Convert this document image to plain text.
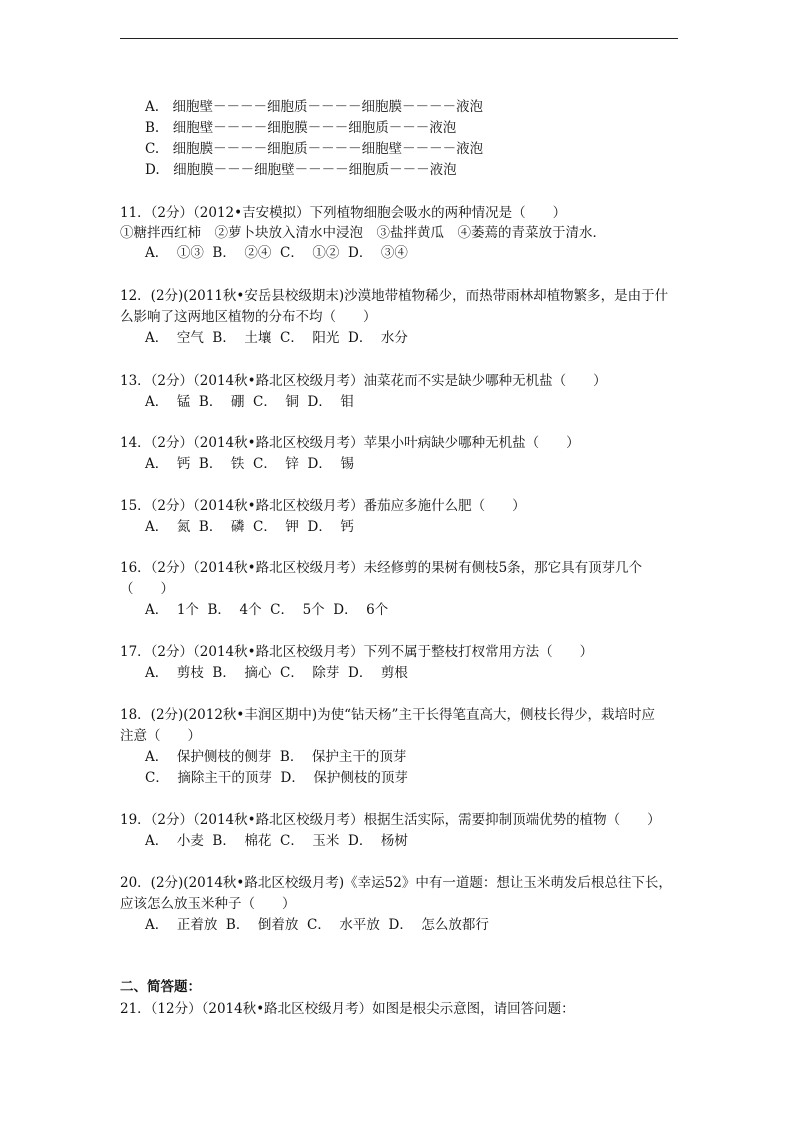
A.　细胞壁－－－－细胞质－－－－细胞膜－－－－液泡
B.　细胞壁－－－－细胞膜－－－细胞质－－－液泡
C.　细胞膜－－－－细胞质－－－－细胞壁－－－－液泡
D.　细胞膜－－－细胞壁－－－－细胞质－－－液泡
11．（2分）（2012•吉安模拟）下列植物细胞会吸水的两种情况是（　　）
①糖拌西红柿　②萝卜块放入清水中浸泡　③盐拌黄瓜　④萎蔫的青菜放于清水．
A．  ①③  B．  ②④  C．  ①②  D．  ③④
12．(2分)(2011秋•安岳县校级期末)沙漠地带植物稀少，而热带雨林却植物繁多，是由于什
么影响了这两地区植物的分布不均（　　）
A．  空气  B．  土壤  C．  阳光  D．  水分
13．（2分）（2014秋•路北区校级月考）油菜花而不实是缺少哪种无机盐（　　）
A．  锰  B．  硼  C．  铜  D．  钼
14．（2分）（2014秋•路北区校级月考）苹果小叶病缺少哪种无机盐（　　）
A．  钙  B．  铁  C．  锌  D．  锡
15．（2分）（2014秋•路北区校级月考）番茄应多施什么肥（　　）
A．  氮  B．  磷  C．  钾  D．  钙
16．（2分）（2014秋•路北区校级月考）未经修剪的果树有侧枝5条，那它具有顶芽几个
（　　）
A．  1个  B．  4个  C．  5个  D．  6个
17．（2分）（2014秋•路北区校级月考）下列不属于整枝打杈常用方法（　　）
A．  剪枝  B．  摘心  C．  除芽  D．  剪根
18．(2分)(2012秋•丰润区期中)为使“钻天杨”主干长得笔直高大，侧枝长得少，栽培时应
注意（　　）
A．  保护侧枝的侧芽  B．  保护主干的顶芽
C．  摘除主干的顶芽  D．  保护侧枝的顶芽
19．（2分）（2014秋•路北区校级月考）根据生活实际，需要抑制顶端优势的植物（　　）
A．  小麦  B．  棉花  C．  玉米  D．  杨树
20．(2分)(2014秋•路北区校级月考)《幸运52》中有一道题：想让玉米萌发后根总往下长，
应该怎么放玉米种子（　　）
A．  正着放  B．  倒着放  C．  水平放  D．  怎么放都行
二、简答题：
21．（12分）（2014秋•路北区校级月考）如图是根尖示意图，请回答问题：
